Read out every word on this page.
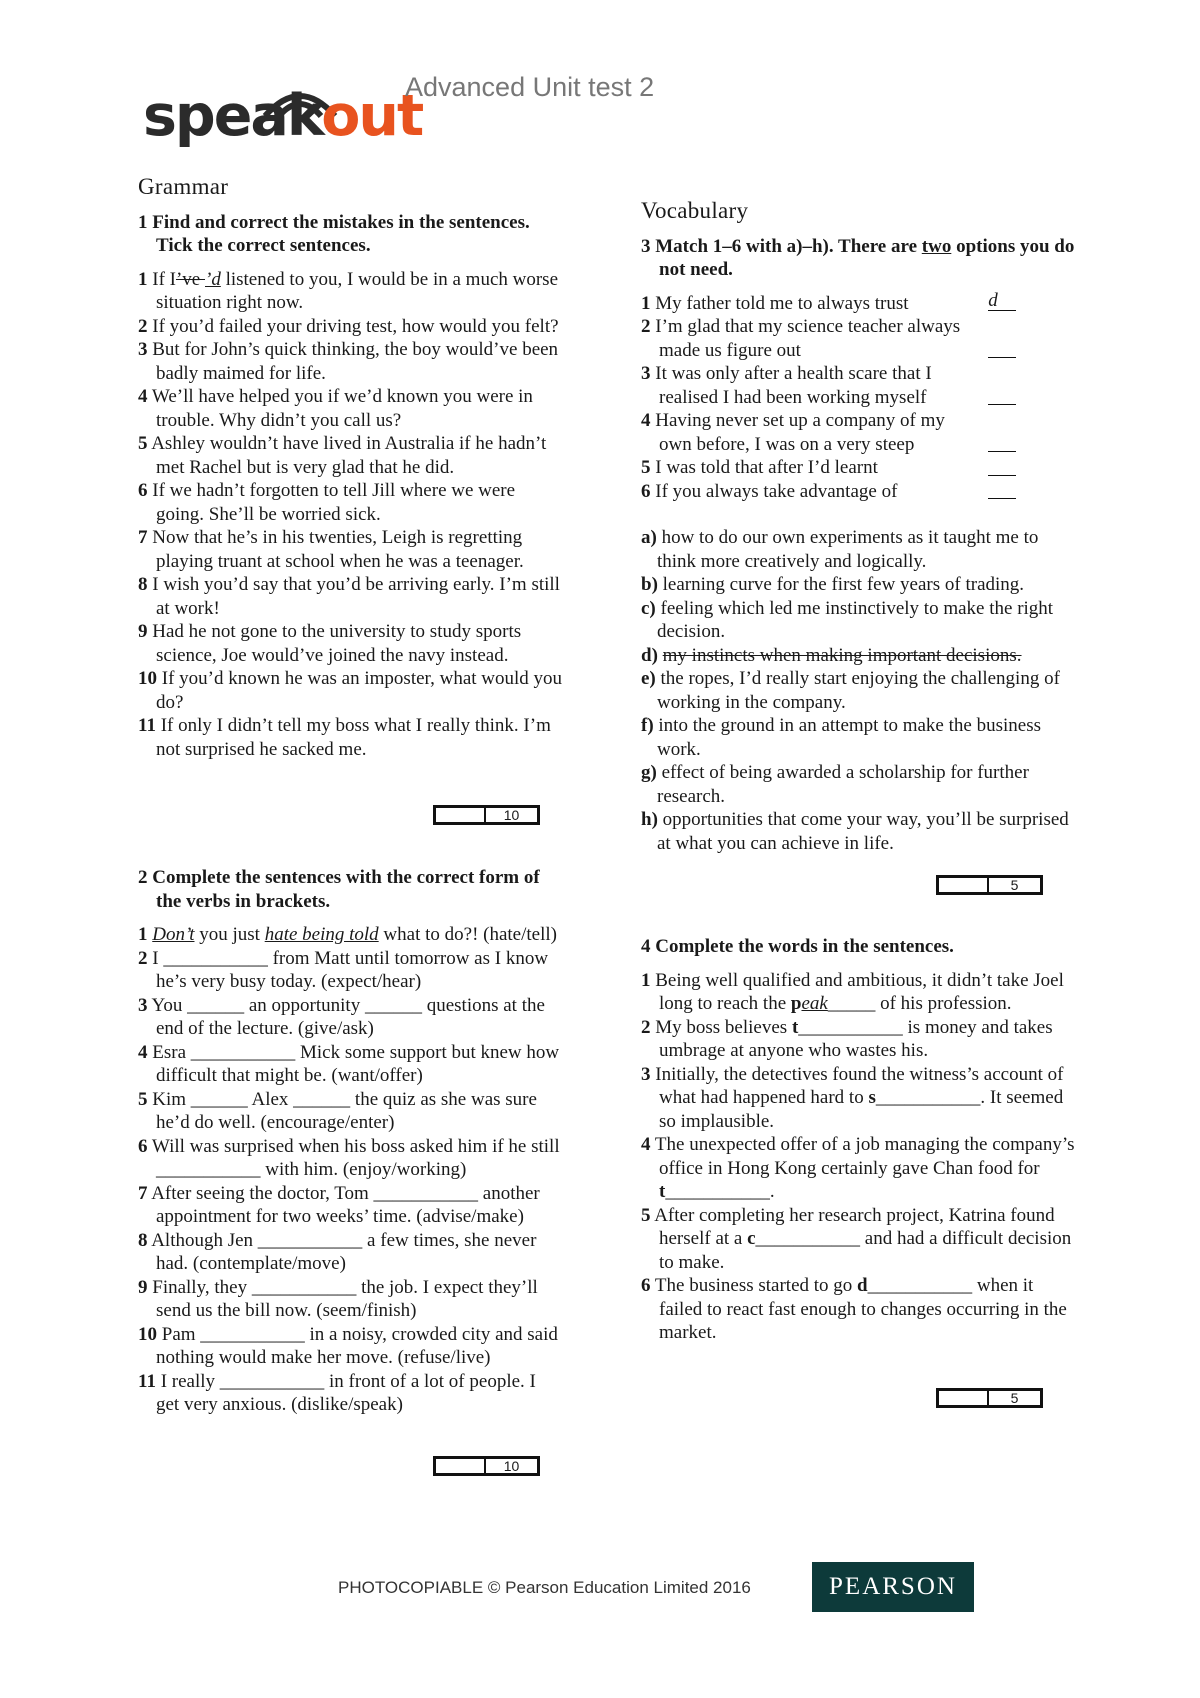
speakout
Advanced Unit test 2
Grammar
1 Find and correct the mistakes in the sentences. Tick the correct sentences.
1 If I’ve ’d listened to you, I would be in a much worse situation right now.
2 If you’d failed your driving test, how would you felt?
3 But for John’s quick thinking, the boy would’ve been badly maimed for life.
4 We’ll have helped you if we’d known you were in trouble. Why didn’t you call us?
5 Ashley wouldn’t have lived in Australia if he hadn’t met Rachel but is very glad that he did.
6 If we hadn’t forgotten to tell Jill where we were going. She’ll be worried sick.
7 Now that he’s in his twenties, Leigh is regretting playing truant at school when he was a teenager.
8 I wish you’d say that you’d be arriving early. I’m still at work!
9 Had he not gone to the university to study sports science, Joe would’ve joined the navy instead.
10 If you’d known he was an imposter, what would you do?
11 If only I didn’t tell my boss what I really think. I’m not surprised he sacked me.
10
2 Complete the sentences with the correct form of the verbs in brackets.
1 Don’t you just hate being told what to do?! (hate/tell)
2 I ___________ from Matt until tomorrow as I know he’s very busy today. (expect/hear)
3 You ______ an opportunity ______ questions at the end of the lecture. (give/ask)
4 Esra ___________ Mick some support but knew how difficult that might be. (want/offer)
5 Kim ______ Alex ______ the quiz as she was sure he’d do well. (encourage/enter)
6 Will was surprised when his boss asked him if he still ___________ with him. (enjoy/working)
7 After seeing the doctor, Tom ___________ another appointment for two weeks’ time. (advise/make)
8 Although Jen ___________ a few times, she never had. (contemplate/move)
9 Finally, they ___________ the job. I expect they’ll send us the bill now. (seem/finish)
10 Pam ___________ in a noisy, crowded city and said nothing would make her move. (refuse/live)
11 I really ___________ in front of a lot of people. I get very anxious. (dislike/speak)
10
Vocabulary
3 Match 1–6 with a)–h). There are two options you do not need.
1 My father told me to always trust	d
2 I’m glad that my science teacher always made us figure out

3 It was only after a health scare that I realised I had been working myself

4 Having never set up a company of my own before, I was on a very steep

5 I was told that after I’d learnt

6 If you always take advantage of

a) how to do our own experiments as it taught me to think more creatively and logically.
b) learning curve for the first few years of trading.
c) feeling which led me instinctively to make the right decision.
d) my instincts when making important decisions.
e) the ropes, I’d really start enjoying the challenging of working in the company.
f) into the ground in an attempt to make the business work.
g) effect of being awarded a scholarship for further research.
h) opportunities that come your way, you’ll be surprised at what you can achieve in life.
5
4 Complete the words in the sentences.
1 Being well qualified and ambitious, it didn’t take Joel long to reach the peak_____ of his profession.
2 My boss believes t___________ is money and takes umbrage at anyone who wastes his.
3 Initially, the detectives found the witness’s account of what had happened hard to s___________. It seemed so implausible.
4 The unexpected offer of a job managing the company’s office in Hong Kong certainly gave Chan food for t___________.
5 After completing her research project, Katrina found herself at a c___________ and had a difficult decision to make.
6 The business started to go d___________ when it failed to react fast enough to changes occurring in the market.
5
PHOTOCOPIABLE © Pearson Education Limited 2016	PEARSON
